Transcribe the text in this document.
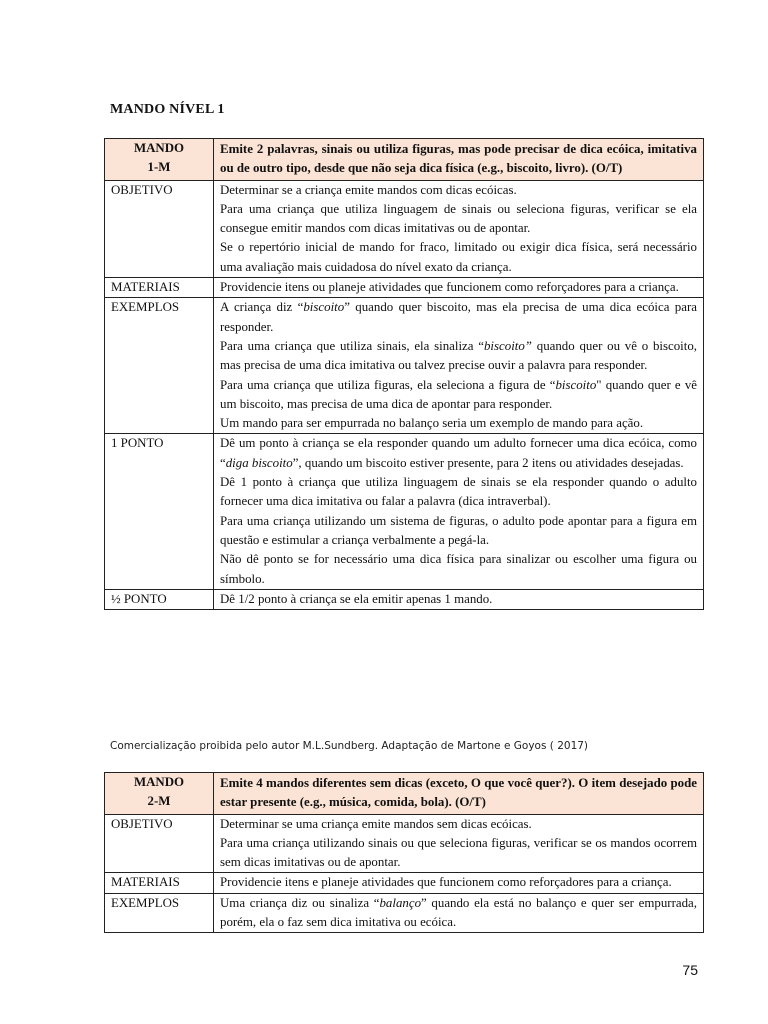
MANDO NÍVEL 1
MANDO
1-M	Emite 2 palavras, sinais ou utiliza figuras, mas pode precisar de dica ecóica, imitativa ou de outro tipo, desde que não seja dica física (e.g., biscoito, livro). (O/T)
OBJETIVO	Determinar se a criança emite mandos com dicas ecóicas.

Para uma criança que utiliza linguagem de sinais ou seleciona figuras, verificar se ela consegue emitir mandos com dicas imitativas ou de apontar.

Se o repertório inicial de mando for fraco, limitado ou exigir dica física, será necessário uma avaliação mais cuidadosa do nível exato da criança.

MATERIAIS	Providencie itens ou planeje atividades que funcionem como reforçadores para a criança.

EXEMPLOS	A criança diz “biscoito” quando quer biscoito, mas ela precisa de uma dica ecóica para responder.

Para uma criança que utiliza sinais, ela sinaliza “biscoito” quando quer ou vê o biscoito, mas precisa de uma dica imitativa ou talvez precise ouvir a palavra para responder.

Para uma criança que utiliza figuras, ela seleciona a figura de “biscoito" quando quer e vê um biscoito, mas precisa de uma dica de apontar para responder.

Um mando para ser empurrada no balanço seria um exemplo de mando para ação.

1 PONTO	Dê um ponto à criança se ela responder quando um adulto fornecer uma dica ecóica, como “diga biscoito”, quando um biscoito estiver presente, para 2 itens ou atividades desejadas.

Dê 1 ponto à criança que utiliza linguagem de sinais se ela responder quando o adulto fornecer uma dica imitativa ou falar a palavra (dica intraverbal).

Para uma criança utilizando um sistema de figuras, o adulto pode apontar para a figura em questão e estimular a criança verbalmente a pegá-la.

Não dê ponto se for necessário uma dica física para sinalizar ou escolher uma figura ou símbolo.

½ PONTO	Dê 1/2 ponto à criança se ela emitir apenas 1 mando.

Comercialização proibida pelo autor M.L.Sundberg. Adaptação de Martone e Goyos ( 2017)
MANDO
2-M	Emite 4 mandos diferentes sem dicas (exceto, O que você quer?). O item desejado pode estar presente (e.g., música, comida, bola). (O/T)
OBJETIVO	Determinar se uma criança emite mandos sem dicas ecóicas.

Para uma criança utilizando sinais ou que seleciona figuras, verificar se os mandos ocorrem sem dicas imitativas ou de apontar.

MATERIAIS	Providencie itens e planeje atividades que funcionem como reforçadores para a criança.

EXEMPLOS	Uma criança diz ou sinaliza “balanço” quando ela está no balanço e quer ser empurrada, porém, ela o faz sem dica imitativa ou ecóica.

75
